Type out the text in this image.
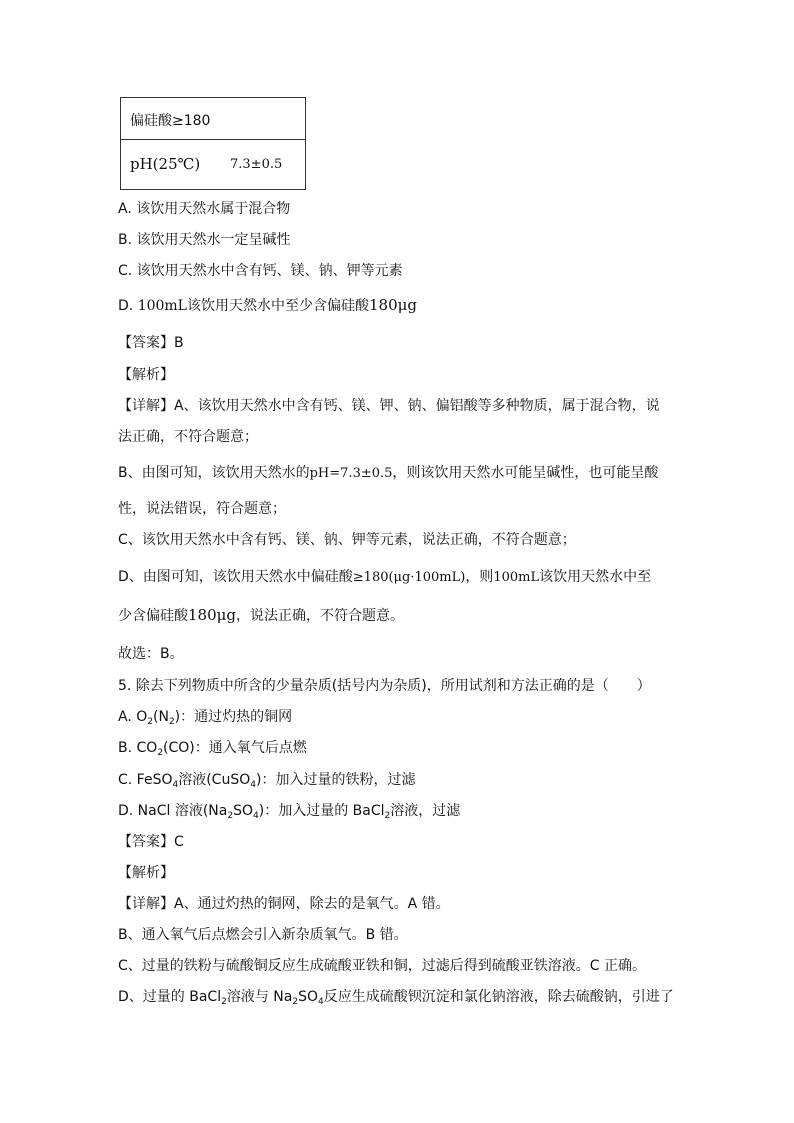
偏硅酸≥180
pH(25℃) 7.3±0.5
A. 该饮用天然水属于混合物
B. 该饮用天然水一定呈碱性
C. 该饮用天然水中含有钙、镁、钠、钾等元素
D. 100mL该饮用天然水中至少含偏硅酸180μg
【答案】B
【解析】
【详解】A、该饮用天然水中含有钙、镁、钾、钠、偏铝酸等多种物质，属于混合物，说
法正确，不符合题意；
B、由图可知，该饮用天然水的pH=7.3±0.5，则该饮用天然水可能呈碱性，也可能呈酸
性，说法错误，符合题意；
C、该饮用天然水中含有钙、镁、钠、钾等元素，说法正确，不符合题意；
D、由图可知，该饮用天然水中偏硅酸≥180(μg·100mL)，则100mL该饮用天然水中至
少含偏硅酸180μg，说法正确，不符合题意。
故选：B。
5. 除去下列物质中所含的少量杂质(括号内为杂质)，所用试剂和方法正确的是（　　）
A. $O_2(N_2)$：通过灼热的铜网
B. $CO_2(CO)$：通入氧气后点燃
C. FeSO$_4$溶液(CuSO$_4$)：加入过量的铁粉，过滤
D. NaCl 溶液$(Na_2SO_4)$：加入过量的 BaCl$_2$溶液，过滤
【答案】C
【解析】
【详解】A、通过灼热的铜网，除去的是氧气。A 错。
B、通入氧气后点燃会引入新杂质氧气。B 错。
C、过量的铁粉与硫酸铜反应生成硫酸亚铁和铜，过滤后得到硫酸亚铁溶液。C 正确。
D、过量的 BaCl$_2$溶液与 $Na_2SO_4$反应生成硫酸钡沉淀和氯化钠溶液，除去硫酸钠，引进了
